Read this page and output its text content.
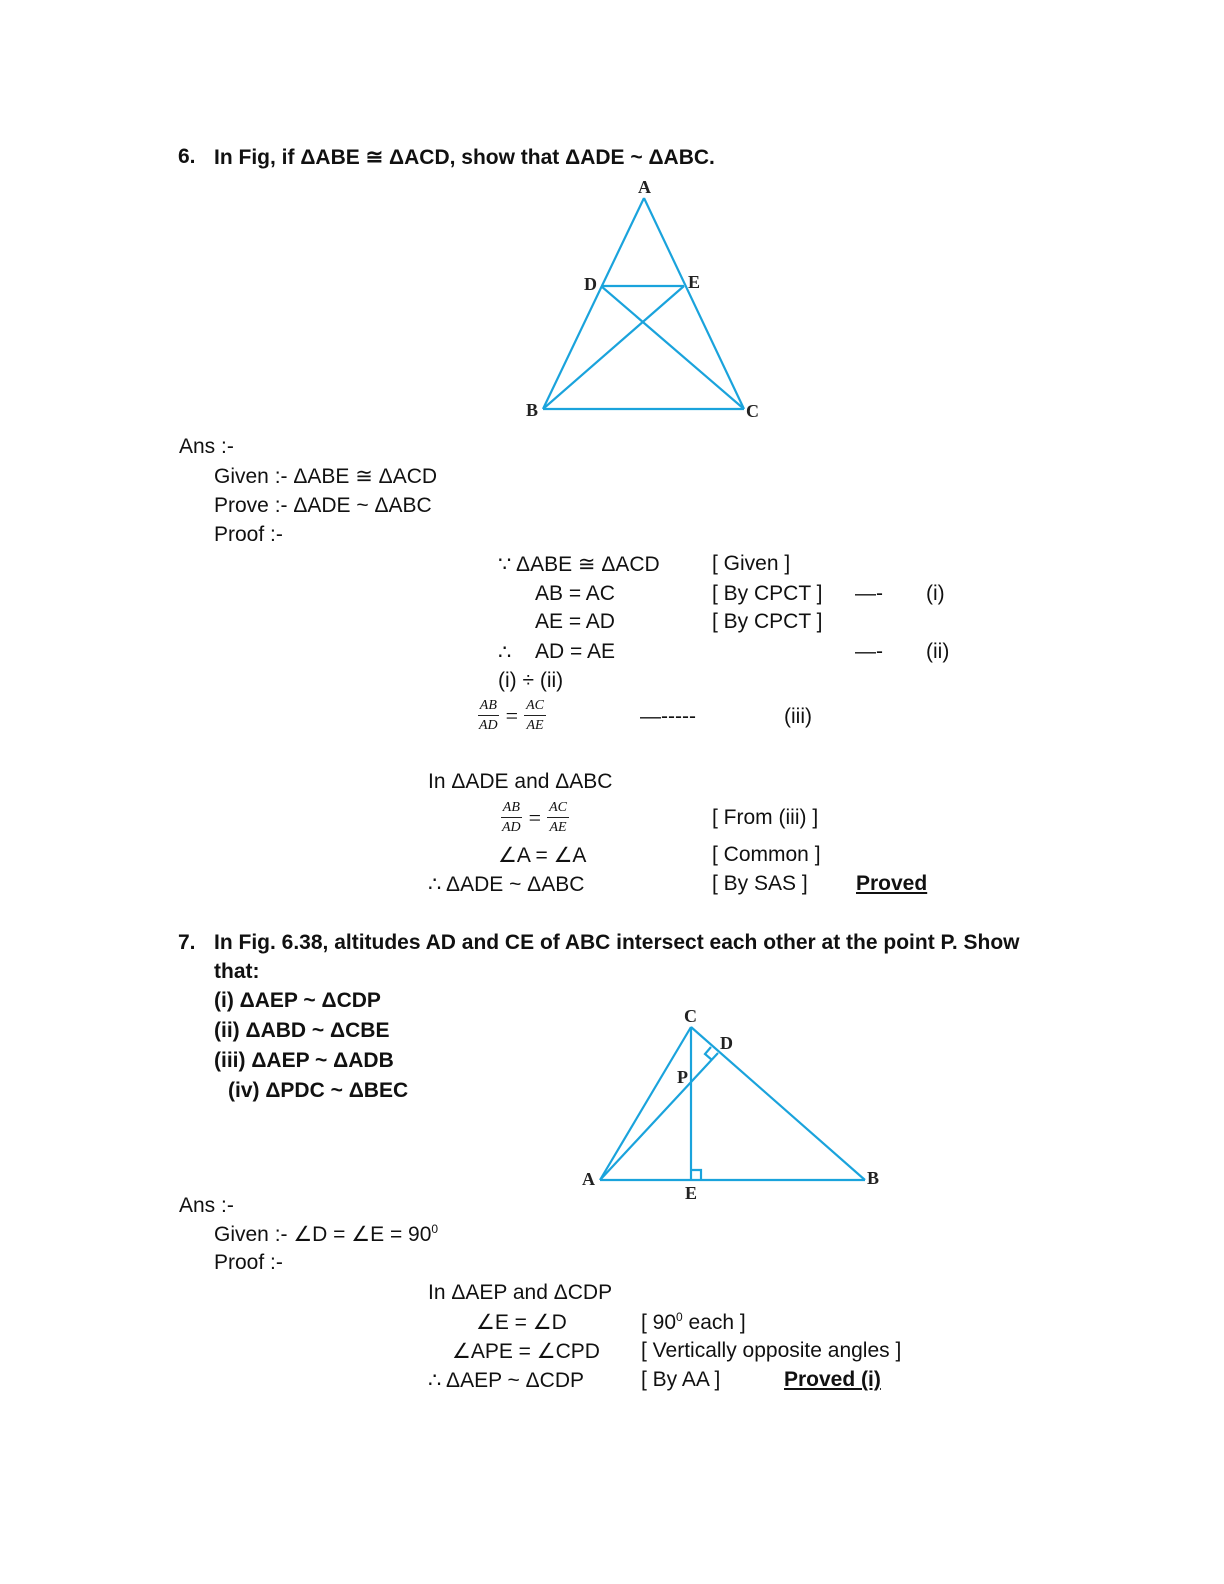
6. In Fig, if ΔABE ≅ ΔACD, show that ΔADE ~ ΔABC.
A
D	E
B	C
C
D
P
A	B
E
Ans :-
Given :- ΔABE ≅ ΔACD
Prove :- ΔADE ~ ΔABC
Proof :-
∵ ΔABE ≅ ΔACD [ Given ]
AB = AC	[ By CPCT ] —- (i)
AE = AD	[ By CPCT ]
∴ AD = AE	—- (ii)
(i) ÷ (ii)
$\frac{AB}{AD} = \frac{AC}{AE}$	—-----	(iii)
In ΔADE and ΔABC
$\frac{AB}{AD} = \frac{AC}{AE}$	[ From (iii) ]
∠A = ∠A	[ Common ]
∴ ΔADE ~ ΔABC	[ By SAS ] Proved
7. In Fig. 6.38, altitudes AD and CE of ABC intersect each other at the point P. Show
that:
(i) ΔAEP ~ ΔCDP
(ii) ΔABD ~ ΔCBE
(iii) ΔAEP ~ ΔADB
(iv) ΔPDC ~ ΔBEC
Ans :-
Given :- ∠D = ∠E = $90^0$
Proof :-
In ΔAEP and ΔCDP
∠E = ∠D	[ $90^0$ each ]
∠APE = ∠CPD [ Vertically opposite angles ]
∴ ΔAEP ~ ΔCDP	[ By AA ]	Proved (i)
